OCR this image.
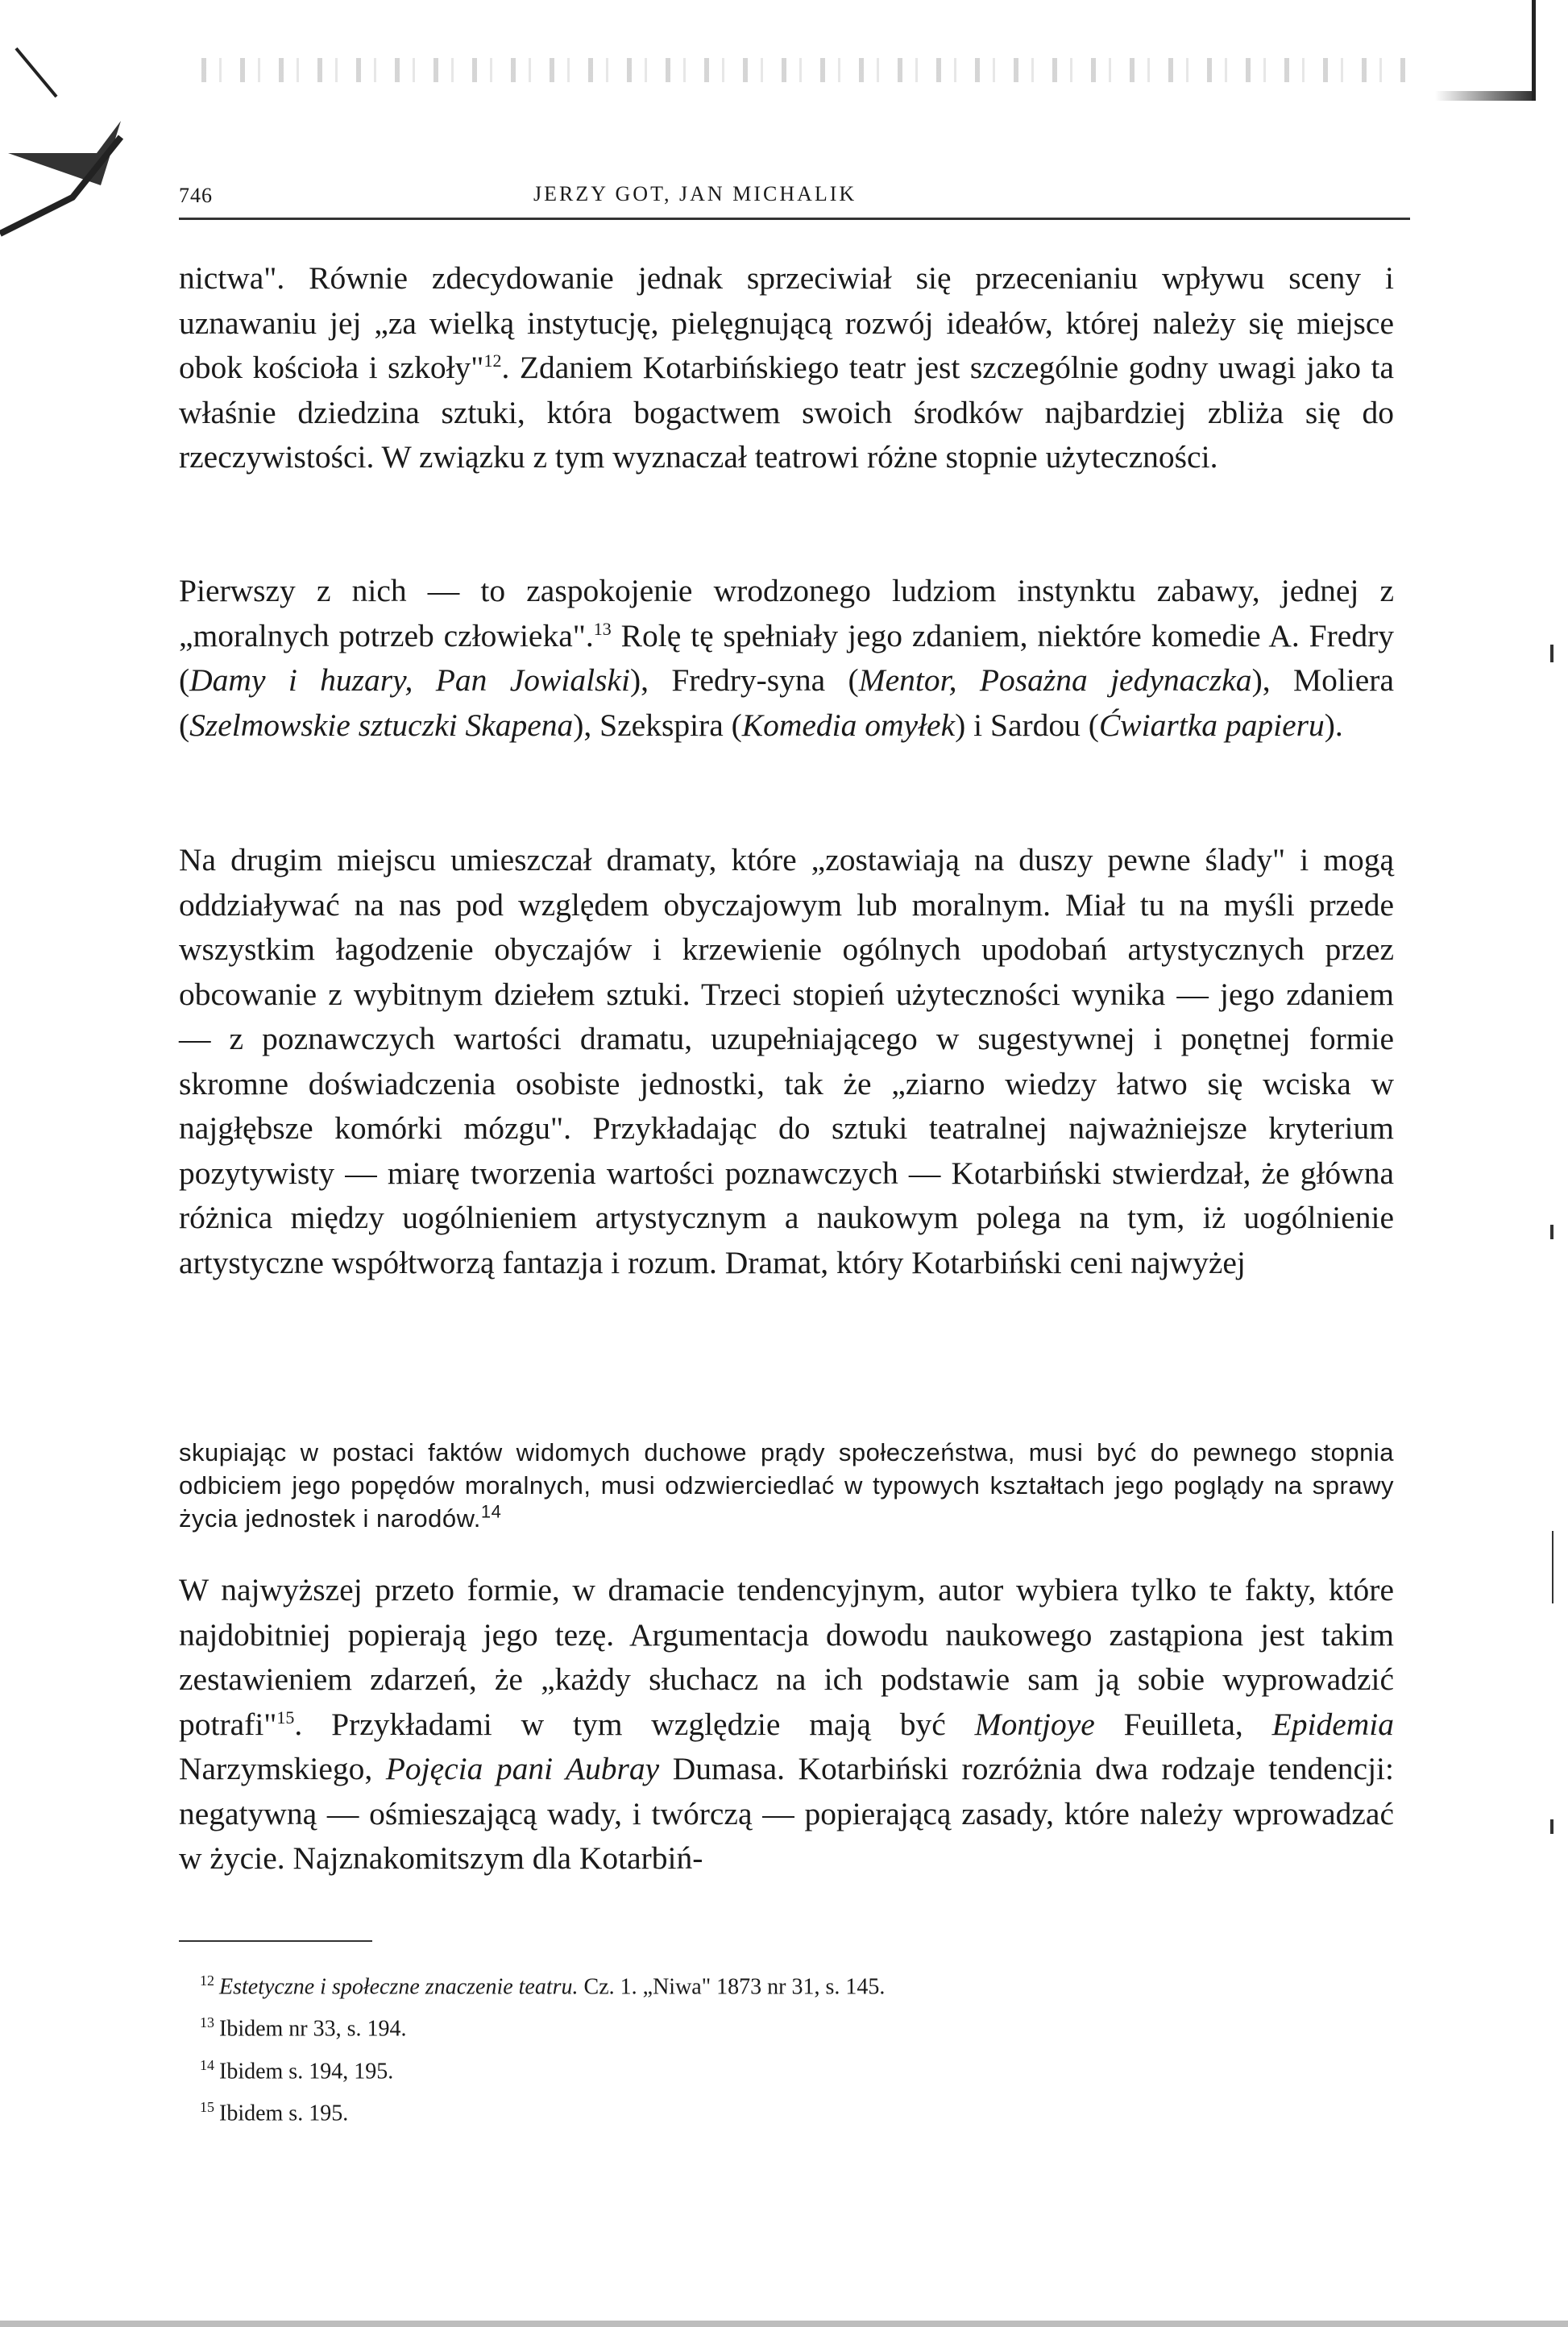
746	JERZY GOT, JAN MICHALIK

nictwa". Równie zdecydowanie jednak sprzeciwiał się przecenianiu wpływu sceny i uznawaniu jej „za wielką instytucję, pielęgnującą rozwój ideałów, której należy się miejsce obok kościoła i szkoły"$^{12}$. Zdaniem Kotarbińskiego teatr jest szczególnie godny uwagi jako ta właśnie dziedzina sztuki, która bogactwem swoich środków najbardziej zbliża się do rzeczywistości. W związku z tym wyznaczał teatrowi różne stopnie użyteczności.

Pierwszy z nich — to zaspokojenie wrodzonego ludziom instynktu zabawy, jednej z „moralnych potrzeb człowieka".$^{13}$ Rolę tę spełniały jego zdaniem, niektóre komedie A. Fredry (Damy i huzary, Pan Jowialski), Fredry-syna (Mentor, Posażna jedynaczka), Moliera (Szelmowskie sztuczki Skapena), Szekspira (Komedia omyłek) i Sardou (Ćwiartka papieru).

Na drugim miejscu umieszczał dramaty, które „zostawiają na duszy pewne ślady" i mogą oddziaływać na nas pod względem obyczajowym lub moralnym. Miał tu na myśli przede wszystkim łagodzenie obyczajów i krzewienie ogólnych upodobań artystycznych przez obcowanie z wybitnym dziełem sztuki. Trzeci stopień użyteczności wynika — jego zdaniem — z poznawczych wartości dramatu, uzupełniającego w sugestywnej i ponętnej formie skromne doświadczenia osobiste jednostki, tak że „ziarno wiedzy łatwo się wciska w najgłębsze komórki mózgu". Przykładając do sztuki teatralnej najważniejsze kryterium pozytywisty — miarę tworzenia wartości poznawczych — Kotarbiński stwierdzał, że główna różnica między uogólnieniem artystycznym a naukowym polega na tym, iż uogólnienie artystyczne współtworzą fantazja i rozum. Dramat, który Kotarbiński ceni najwyżej

skupiając w postaci faktów widomych duchowe prądy społeczeństwa, musi być do pewnego stopnia odbiciem jego popędów moralnych, musi odzwierciedlać w typowych kształtach jego poglądy na sprawy życia jednostek i narodów.$^{14}$

W najwyższej przeto formie, w dramacie tendencyjnym, autor wybiera tylko te fakty, które najdobitniej popierają jego tezę. Argumentacja dowodu naukowego zastąpiona jest takim zestawieniem zdarzeń, że „każdy słuchacz na ich podstawie sam ją sobie wyprowadzić potrafi"$^{15}$. Przykładami w tym względzie mają być Montjoye Feuilleta, Epidemia Narzymskiego, Pojęcia pani Aubray Dumasa. Kotarbiński rozróżnia dwa rodzaje tendencji: negatywną — ośmieszającą wady, i twórczą — popierającą zasady, które należy wprowadzać w życie. Najznakomitszym dla Kotarbiń-

$^{12}$ Estetyczne i społeczne znaczenie teatru. Cz. 1. „Niwa" 1873 nr 31, s. 145.
$^{13}$ Ibidem nr 33, s. 194.
$^{14}$ Ibidem s. 194, 195.
$^{15}$ Ibidem s. 195.
